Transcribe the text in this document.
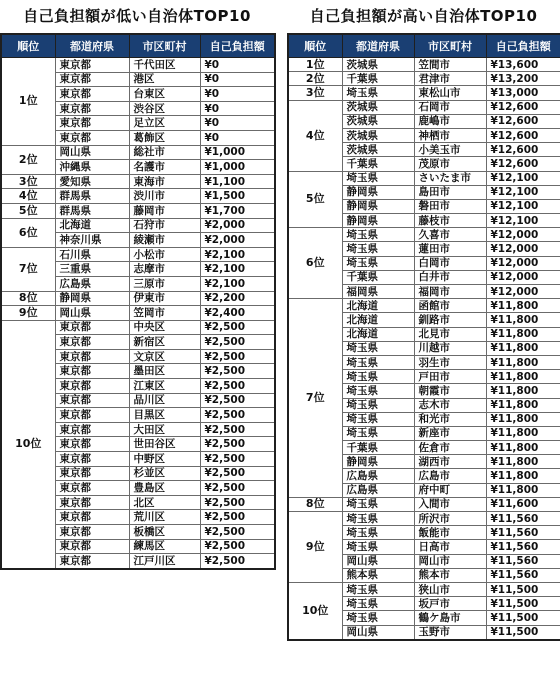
自己負担額が低い自治体TOP10
順位	都道府県	市区町村	自己負担額
1位	東京都	千代田区	¥0
	東京都	港区	¥0
	東京都	台東区	¥0
	東京都	渋谷区	¥0
	東京都	足立区	¥0
	東京都	葛飾区	¥0
2位	岡山県	総社市	¥1,000
	沖縄県	名護市	¥1,000
3位	愛知県	東海市	¥1,100
4位	群馬県	渋川市	¥1,500
5位	群馬県	藤岡市	¥1,700
6位	北海道	石狩市	¥2,000
	神奈川県	綾瀬市	¥2,000
7位	石川県	小松市	¥2,100
	三重県	志摩市	¥2,100
	広島県	三原市	¥2,100
8位	静岡県	伊東市	¥2,200
9位	岡山県	笠岡市	¥2,400
10位	東京都	中央区	¥2,500
	東京都	新宿区	¥2,500
	東京都	文京区	¥2,500
	東京都	墨田区	¥2,500
	東京都	江東区	¥2,500
	東京都	品川区	¥2,500
	東京都	目黒区	¥2,500
	東京都	大田区	¥2,500
	東京都	世田谷区	¥2,500
	東京都	中野区	¥2,500
	東京都	杉並区	¥2,500
	東京都	豊島区	¥2,500
	東京都	北区	¥2,500
	東京都	荒川区	¥2,500
	東京都	板橋区	¥2,500
	東京都	練馬区	¥2,500
	東京都	江戸川区	¥2,500
自己負担額が高い自治体TOP10
順位	都道府県	市区町村	自己負担額
1位	茨城県	笠間市	¥13,600
2位	千葉県	君津市	¥13,200
3位	埼玉県	東松山市	¥13,000
4位	茨城県	石岡市	¥12,600
	茨城県	鹿嶋市	¥12,600
	茨城県	神栖市	¥12,600
	茨城県	小美玉市	¥12,600
	千葉県	茂原市	¥12,600
5位	埼玉県	さいたま市	¥12,100
	静岡県	島田市	¥12,100
	静岡県	磐田市	¥12,100
	静岡県	藤枝市	¥12,100
6位	埼玉県	久喜市	¥12,000
	埼玉県	蓮田市	¥12,000
	埼玉県	白岡市	¥12,000
	千葉県	白井市	¥12,000
	福岡県	福岡市	¥12,000
7位	北海道	函館市	¥11,800
	北海道	釧路市	¥11,800
	北海道	北見市	¥11,800
	埼玉県	川越市	¥11,800
	埼玉県	羽生市	¥11,800
	埼玉県	戸田市	¥11,800
	埼玉県	朝霞市	¥11,800
	埼玉県	志木市	¥11,800
	埼玉県	和光市	¥11,800
	埼玉県	新座市	¥11,800
	千葉県	佐倉市	¥11,800
	静岡県	湖西市	¥11,800
	広島県	広島市	¥11,800
	広島県	府中町	¥11,800
8位	埼玉県	入間市	¥11,600
9位	埼玉県	所沢市	¥11,560
	埼玉県	飯能市	¥11,560
	埼玉県	日高市	¥11,560
	岡山県	岡山市	¥11,560
	熊本県	熊本市	¥11,560
10位	埼玉県	狭山市	¥11,500
	埼玉県	坂戸市	¥11,500
	埼玉県	鶴ケ島市	¥11,500
	岡山県	玉野市	¥11,500
